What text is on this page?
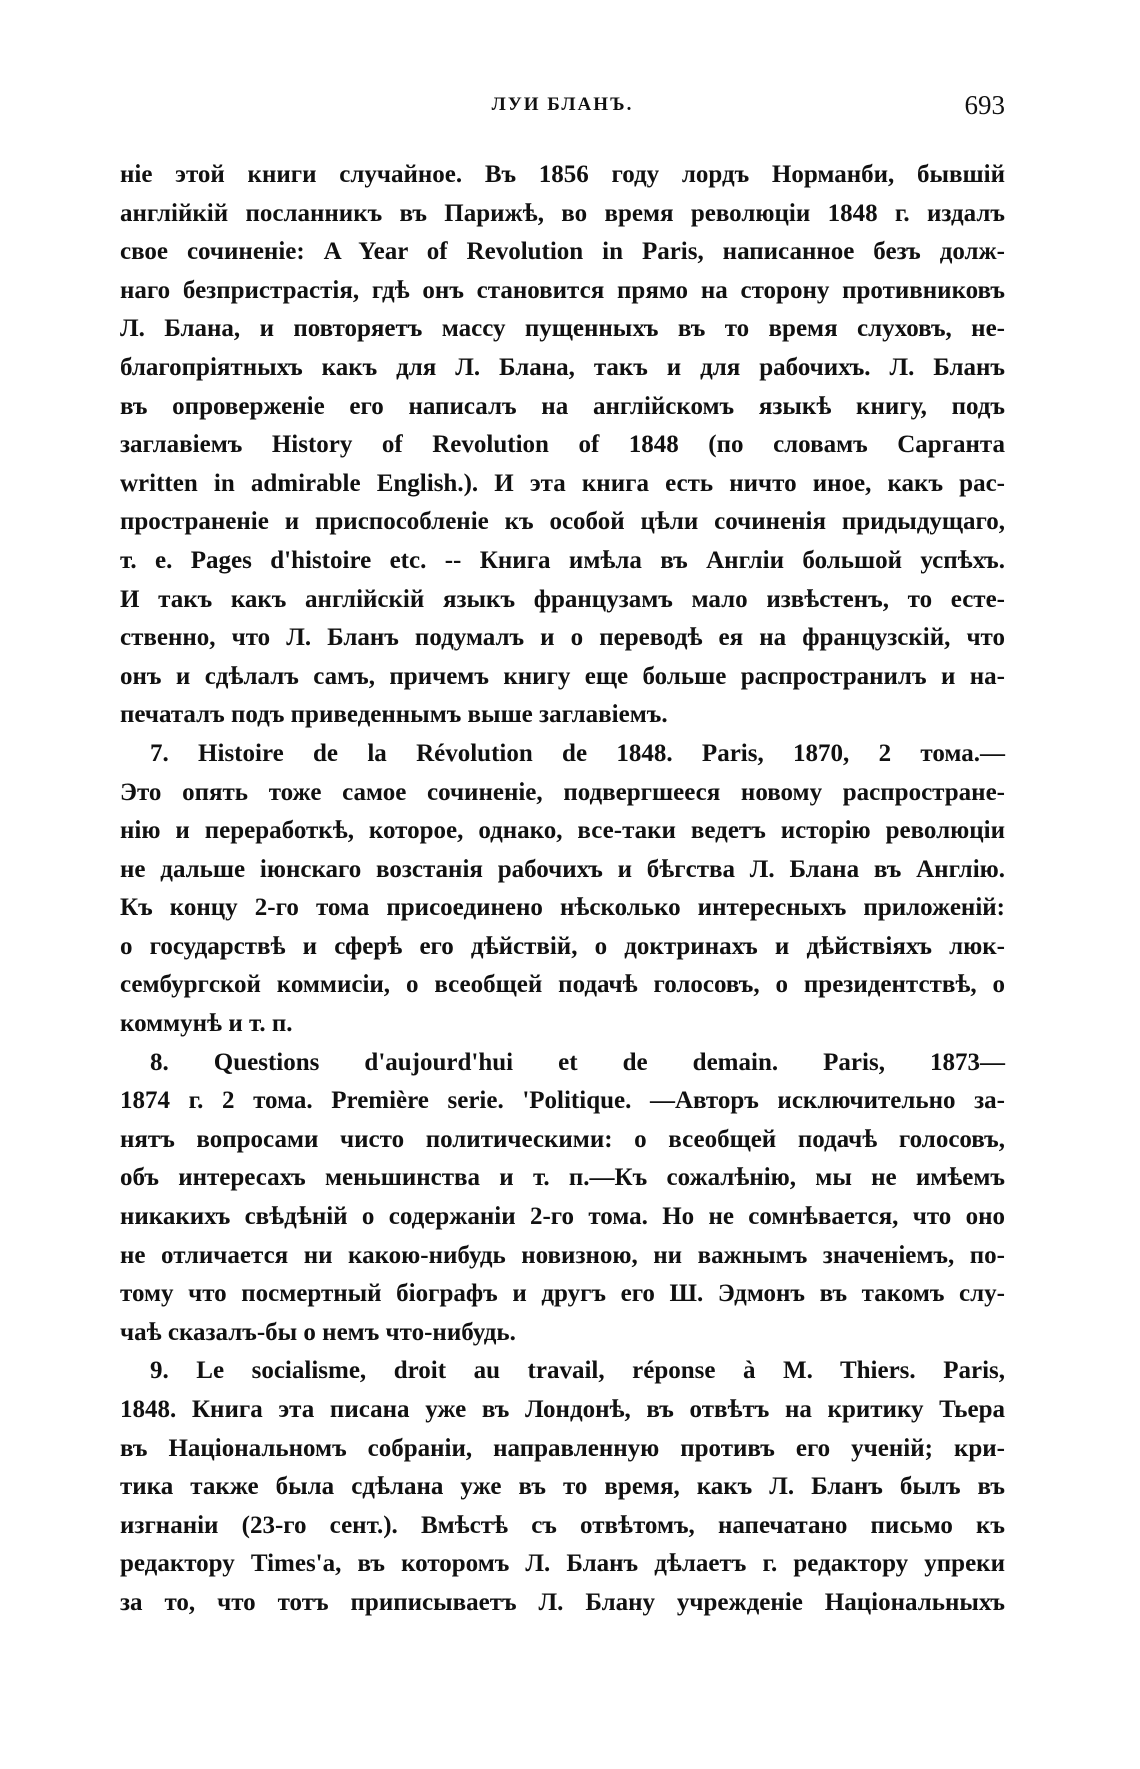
ЛУИ БЛАНЪ.	693
ніе этой книги случайное. Въ 1856 году лордъ Норманби, бывшій
англійкій посланникъ въ Парижѣ, во время революціи 1848 г. издалъ
свое сочиненіе: A Year of Revolution in Paris, написанное безъ долж-
наго безпристрастія, гдѣ онъ становится прямо на сторону противниковъ
Л. Блана, и повторяетъ массу пущенныхъ въ то время слуховъ, не-
благопріятныхъ какъ для Л. Блана, такъ и для рабочихъ. Л. Бланъ
въ опроверженіе его написалъ на англійскомъ языкѣ книгу, подъ
заглавіемъ History of Revolution of 1848 (по словамъ Сарганта
written in admirable English.). И эта книга есть ничто иное, какъ рас-
пространеніе и приспособленіе къ особой цѣли сочиненія придыдущаго,
т. е. Pages d'histoire etc. -- Книга имѣла въ Англіи большой успѣхъ.
И такъ какъ англійскій языкъ французамъ мало извѣстенъ, то есте-
ственно, что Л. Бланъ подумалъ и о переводѣ ея на французскій, что
онъ и сдѣлалъ самъ, причемъ книгу еще больше распространилъ и на-
печаталъ подъ приведеннымъ выше заглавіемъ.
7. Histoire de la Révolution de 1848. Paris, 1870, 2 тома.—
Это опять тоже самое сочиненіе, подвергшееся новому распростране-
нію и переработкѣ, которое, однако, все-таки ведетъ исторію революціи
не дальше іюнскаго возстанія рабочихъ и бѣгства Л. Блана въ Англію.
Къ концу 2-го тома присоединено нѣсколько интересныхъ приложеній:
о государствѣ и сферѣ его дѣйствій, о доктринахъ и дѣйствіяхъ люк-
сембургской коммисіи, о всеобщей подачѣ голосовъ, о президентствѣ, о
коммунѣ и т. п.
8. Questions d'aujourd'hui et de demain. Paris, 1873—
1874 г. 2 тома. Première serie. 'Politique. —Авторъ исключительно за-
нятъ вопросами чисто политическими: о всеобщей подачѣ голосовъ,
объ интересахъ меньшинства и т. п.—Къ сожалѣнію, мы не имѣемъ
никакихъ свѣдѣній о содержаніи 2-го тома. Но не сомнѣвается, что оно
не отличается ни какою-нибудь новизною, ни важнымъ значеніемъ, по-
тому что посмертный біографъ и другъ его Ш. Эдмонъ въ такомъ слу-
чаѣ сказалъ-бы о немъ что-нибудь.
9. Le socialisme, droit au travail, réponse à M. Thiers. Paris,
1848. Книга эта писана уже въ Лондонѣ, въ отвѣтъ на критику Тьера
въ Національномъ собраніи, направленную противъ его ученій; кри-
тика также была сдѣлана уже въ то время, какъ Л. Бланъ былъ въ
изгнаніи (23-го сент.). Вмѣстѣ съ отвѣтомъ, напечатано письмо къ
редактору Times'а, въ которомъ Л. Бланъ дѣлаетъ г. редактору упреки
за то, что тотъ приписываетъ Л. Блану учрежденіе Національныхъ
